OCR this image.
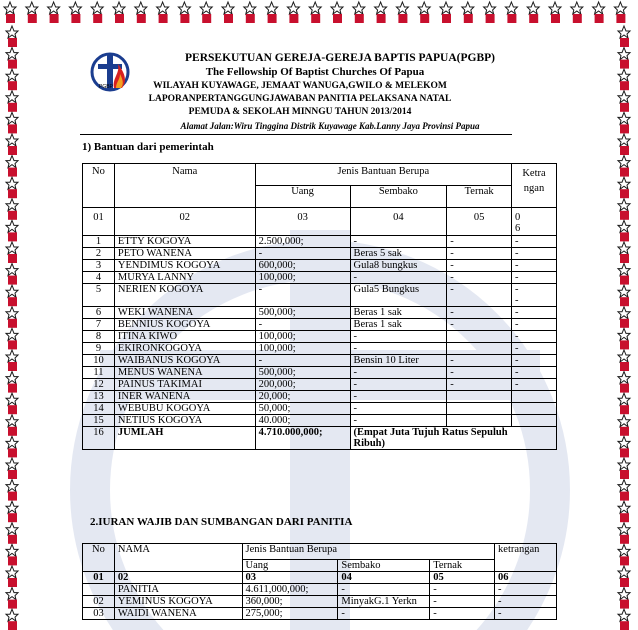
PGBP
PERSEKUTUAN GEREJA-GEREJA BAPTIS PAPUA(PGBP)
The Fellowship Of Baptist Churches Of Papua
WILAYAH KUYAWAGE, JEMAAT WANUGA,GWILO & MELEKOM
LAPORANPERTANGGUNGJAWABAN PANITIA PELAKSANA NATAL
PEMUDA & SEKOLAH MINNGU TAHUN 2013/2014
Alamat Jalan:Wiru Tinggina Distrik Kuyawage Kab.Lanny Jaya Provinsi Papua
1) Bantuan dari pemerintah
No	Nama	Jenis Bantuan Berupa			Ketra
ngan
		Uang	Sembako	Ternak	
01	02	03	04	05	0
6
1	ETTY KOGOYA	2.500,000;	-	-	-
2	PETO WANENA	-	Beras 5 sak	-	-
3	YENDIMUS KOGOYA	600,000;	Gula8 bungkus	-	-
4	MURYA LANNY	100,000;	-	-	-
5	NERIEN KOGOYA	-	Gula5 Bungkus	-	-
-
6	WEKI WANENA	500,000;	Beras 1 sak	-	-
7	BENNIUS KOGOYA	-	Beras 1 sak	-	-
8	ITINA KIWO	100,000;	-		-
9	EKIRONKOGOYA	100,000;	-		-
10	WAIBANUS KOGOYA	-	Bensin 10 Liter	-	-
11	MENUS WANENA	500,000;	-	-	-
12	PAINUS TAKIMAI	200,000;	-	-	-
13	INER WANENA	20,000;	-		
14	WEBUBU KOGOYA	50,000;	-		
15	NETIUS KOGOYA	40.000;	-		
16	JUMLAH	4.710.000,000;	(Empat Juta Tujuh Ratus Sepuluh
Ribuh)		
2.IURAN WAJIB DAN SUMBANGAN DARI PANITIA
No	NAMA	Jenis Bantuan Berupa			ketrangan
		Uang	Sembako	Ternak	
01	02	03	04	05	06
	PANITIA	4.611,000,000;	-	-	-
02	YEMINUS KOGOYA	360,000;	MinyakG.1 Yerkn	-	-
03	WAIDI WANENA	275,000;	-	-	-
